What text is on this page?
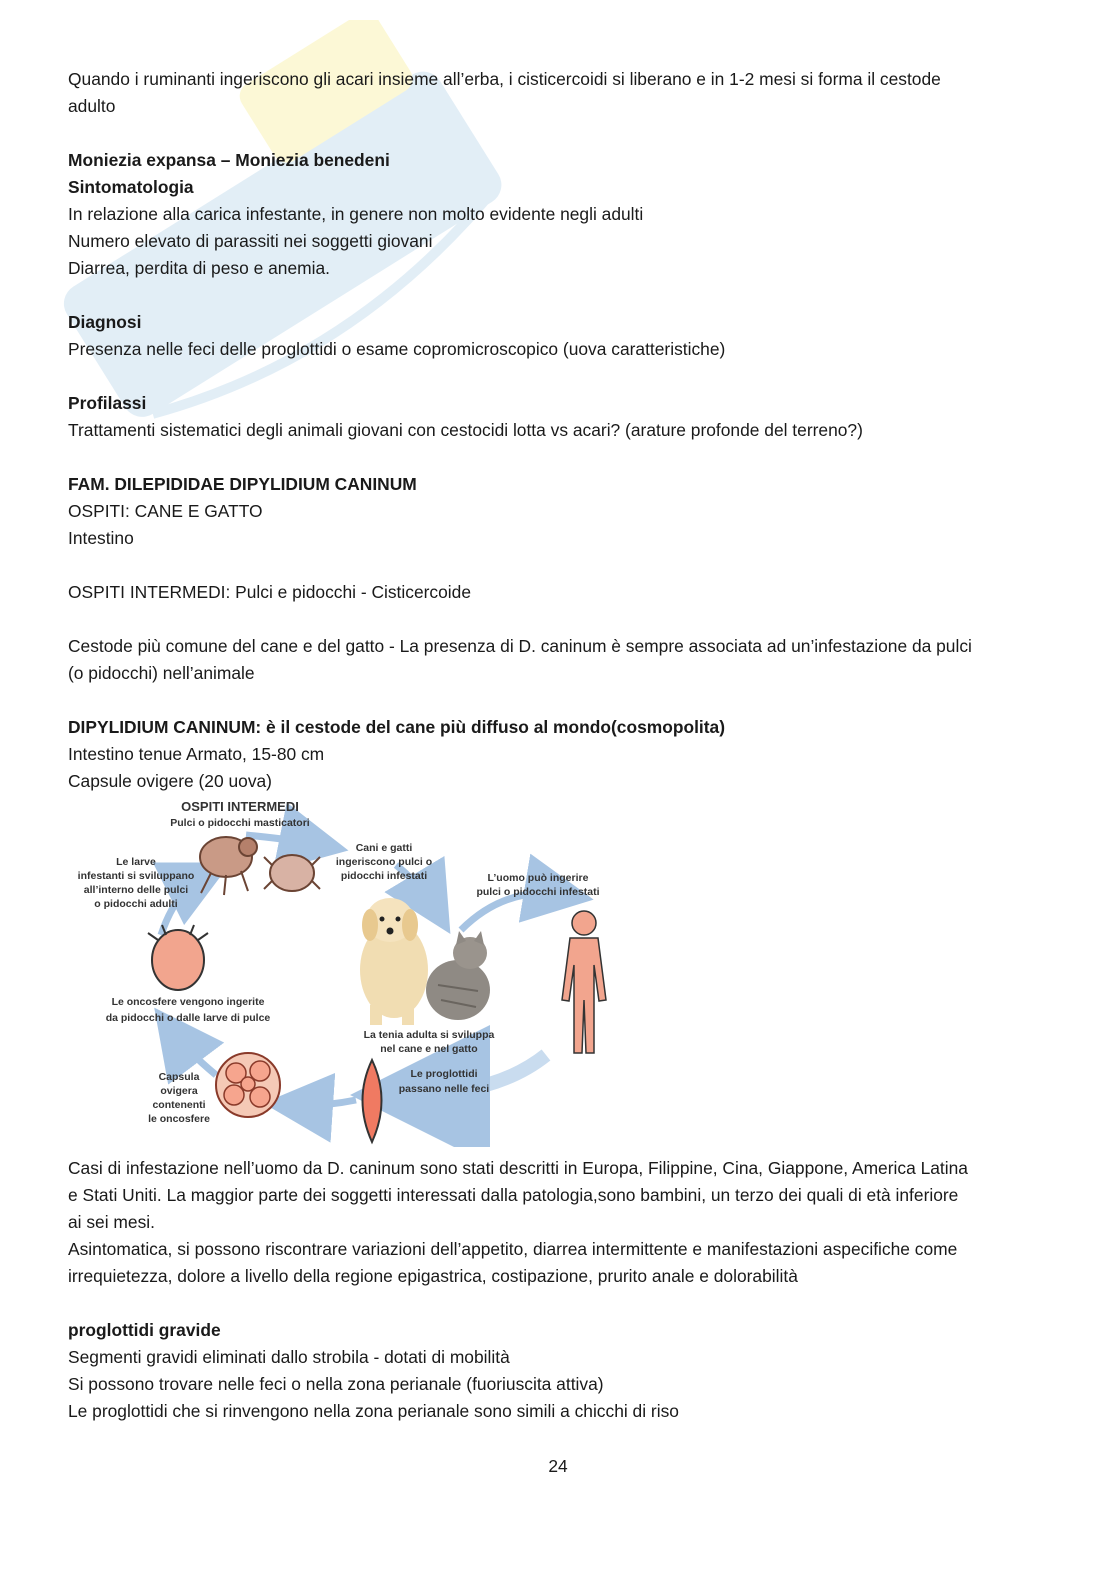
Quando i ruminanti ingeriscono gli acari insieme all’erba, i cisticercoidi si liberano e in 1-2 mesi si forma il cestode
adulto
Moniezia expansa – Moniezia benedeni
Sintomatologia
In relazione alla carica infestante, in genere non molto evidente negli adulti
Numero elevato di parassiti nei soggetti giovani
Diarrea, perdita di peso e anemia.
Diagnosi
Presenza nelle feci delle proglottidi o esame copromicroscopico (uova caratteristiche)
Profilassi
Trattamenti sistematici degli animali giovani con cestocidi lotta vs acari? (arature profonde del terreno?)
FAM. DILEPIDIDAE DIPYLIDIUM CANINUM
OSPITI: CANE E GATTO
Intestino
OSPITI INTERMEDI: Pulci e pidocchi - Cisticercoide
Cestode più comune del cane e del gatto - La presenza di D. caninum è sempre associata ad un’infestazione da pulci
(o pidocchi) nell’animale
DIPYLIDIUM CANINUM: è il cestode del cane più diffuso al mondo(cosmopolita)
Intestino tenue Armato, 15-80 cm
Capsule ovigere (20 uova)
OSPITI INTERMEDI
Pulci o pidocchi masticatori
Le larve
infestanti si sviluppano
all’interno delle pulci
o pidocchi adulti
Le oncosfere vengono ingerite
da pidocchi o dalle larve di pulce
Cani e gatti
ingeriscono pulci o
pidocchi infestati	L’uomo può ingerire
pulci o pidocchi infestati
La tenia adulta si sviluppa
nel cane e nel gatto
Le proglottidi
passano nelle feci
Capsula
ovigera
contenenti
le oncosfere
Casi di infestazione nell’uomo da D. caninum sono stati descritti in Europa, Filippine, Cina, Giappone, America Latina
e Stati Uniti. La maggior parte dei soggetti interessati dalla patologia,sono bambini, un terzo dei quali di età inferiore
ai sei mesi.
Asintomatica, si possono riscontrare variazioni dell’appetito, diarrea intermittente e manifestazioni aspecifiche come
irrequietezza, dolore a livello della regione epigastrica, costipazione, prurito anale e dolorabilità
proglottidi gravide
Segmenti gravidi eliminati dallo strobila - dotati di mobilità
Si possono trovare nelle feci o nella zona perianale (fuoriuscita attiva)
Le proglottidi che si rinvengono nella zona perianale sono simili a chicchi di riso
24
